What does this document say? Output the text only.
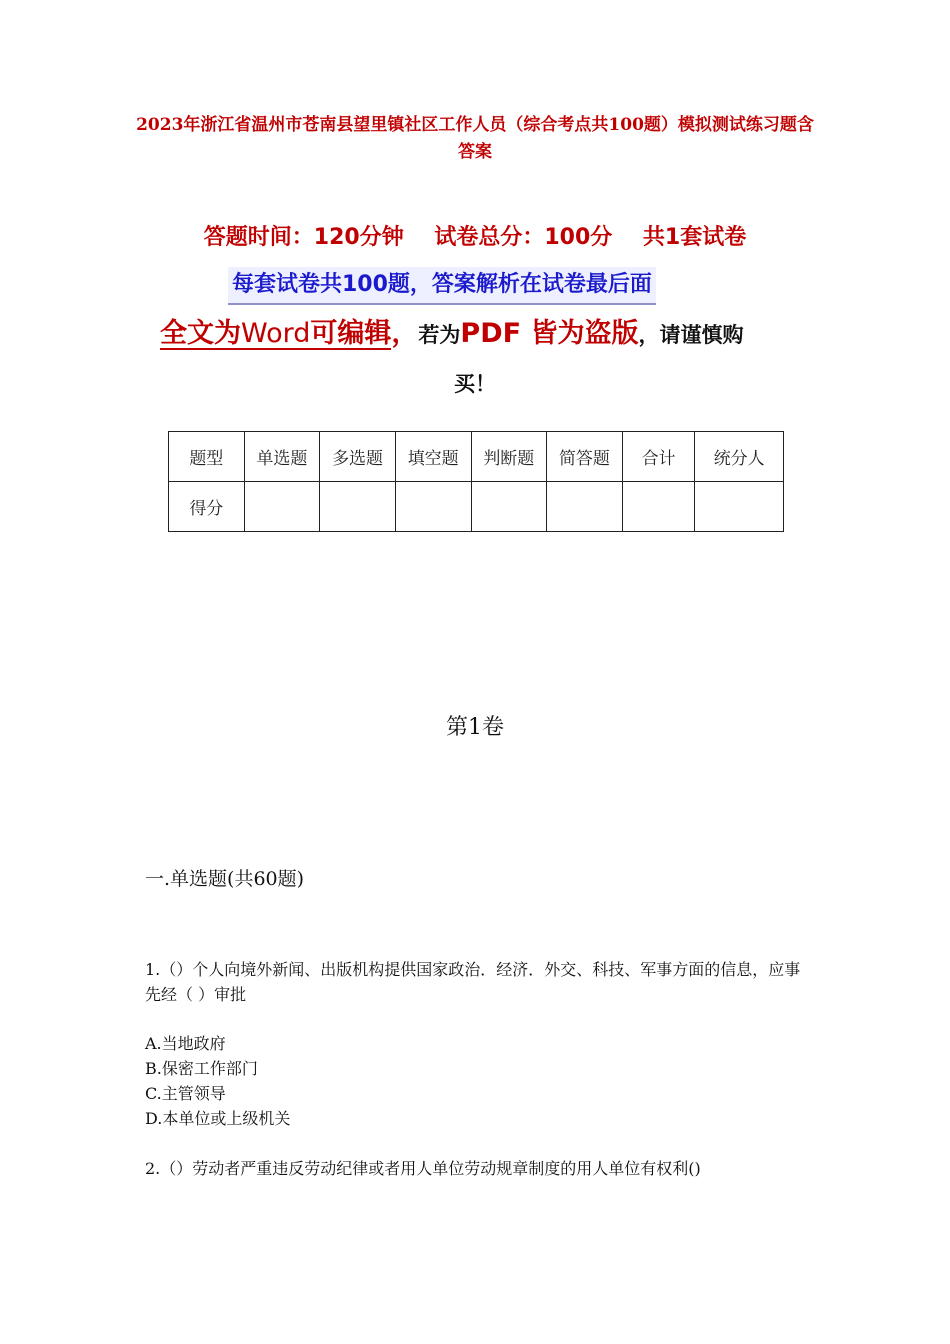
2023年浙江省温州市苍南县望里镇社区工作人员（综合考点共100题）模拟测试练习题含答案
答题时间：120分钟 试卷总分：100分 共1套试卷
每套试卷共100题，答案解析在试卷最后面
全文为Word可编辑，若为PDF 皆为盗版，请谨慎购
买！
题型	单选题	多选题	填空题	判断题	简答题	合计	统分人
得分							
第1卷
一.单选题(共60题)
1.（）个人向境外新闻、出版机构提供国家政治．经济．外交、科技、军事方面的信息，应事先经（ ）审批
A.当地政府
B.保密工作部门
C.主管领导
D.本单位或上级机关
2.（）劳动者严重违反劳动纪律或者用人单位劳动规章制度的用人单位有权利()
